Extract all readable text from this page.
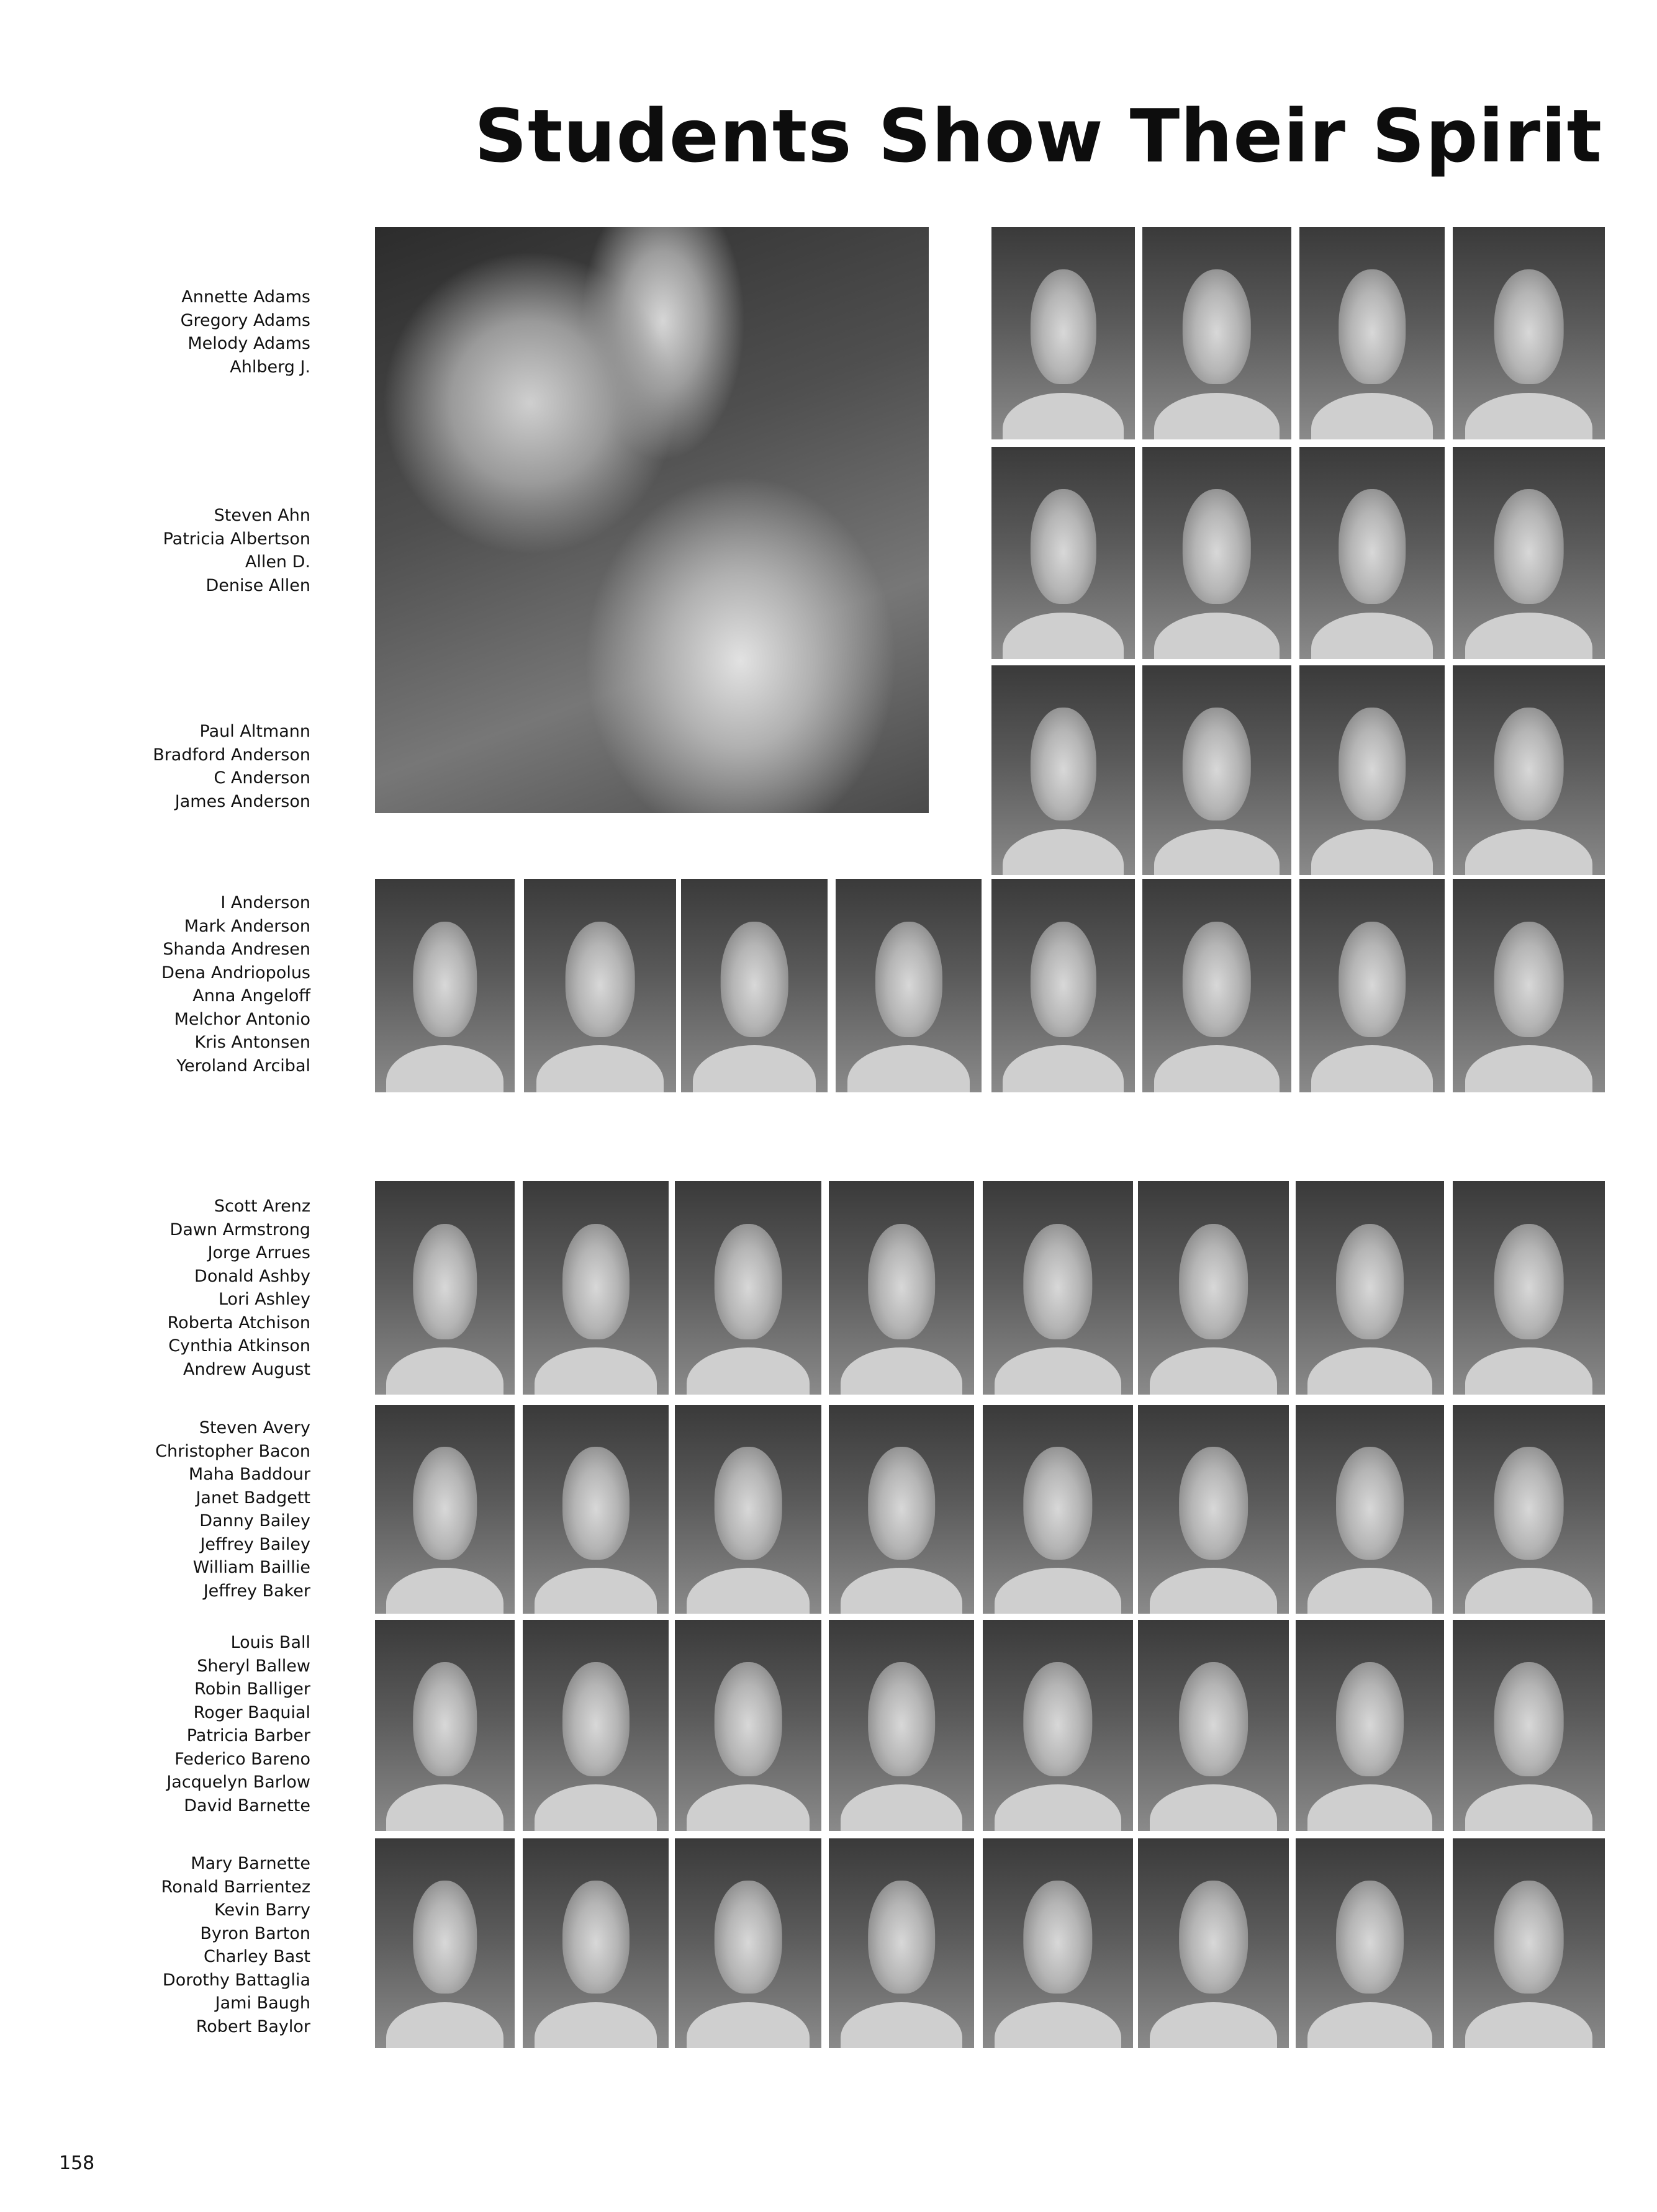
Students Show Their Spirit
Annette Adams
Gregory Adams
Melody Adams
Ahlberg J.
Steven Ahn
Patricia Albertson
Allen D.
Denise Allen
Paul Altmann
Bradford Anderson
C Anderson
James Anderson
I Anderson
Mark Anderson
Shanda Andresen
Dena Andriopolus
Anna Angeloff
Melchor Antonio
Kris Antonsen
Yeroland Arcibal
Scott Arenz
Dawn Armstrong
Jorge Arrues
Donald Ashby
Lori Ashley
Roberta Atchison
Cynthia Atkinson
Andrew August
Steven Avery
Christopher Bacon
Maha Baddour
Janet Badgett
Danny Bailey
Jeffrey Bailey
William Baillie
Jeffrey Baker
Louis Ball
Sheryl Ballew
Robin Balliger
Roger Baquial
Patricia Barber
Federico Bareno
Jacquelyn Barlow
David Barnette
Mary Barnette
Ronald Barrientez
Kevin Barry
Byron Barton
Charley Bast
Dorothy Battaglia
Jami Baugh
Robert Baylor
158
